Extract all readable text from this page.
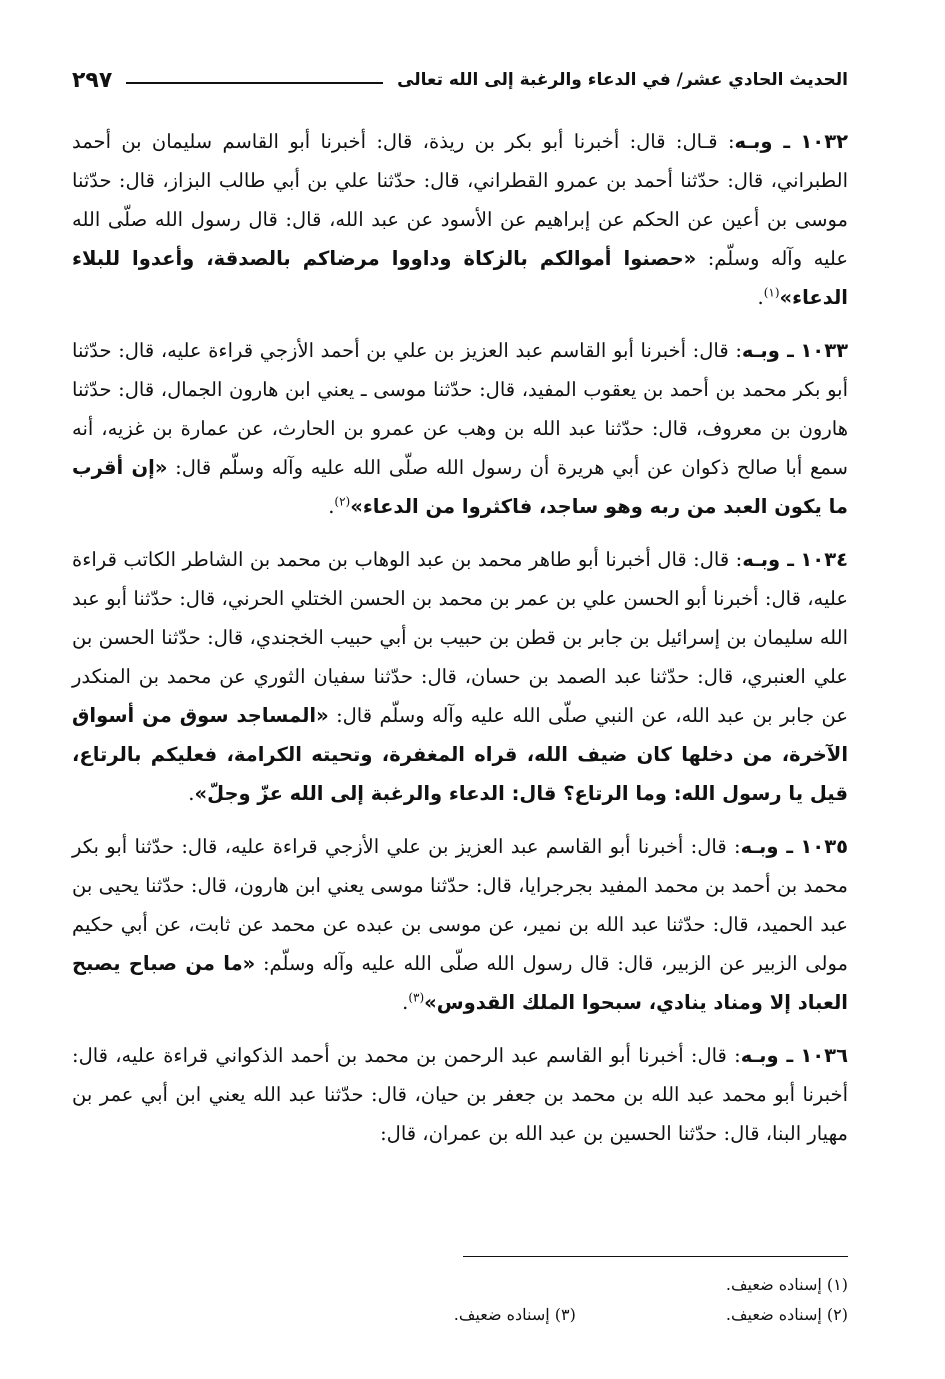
الحديث الحادي عشر/ في الدعاء والرغبة إلى الله تعالى
٢٩٧

١٠٣٢ ـ وبـه: قـال: قال: أخبرنا أبو بكر بن ريذة، قال: أخبرنا أبو القاسم سليمان بن أحمد الطبراني، قال: حدّثنا أحمد بن عمرو القطراني، قال: حدّثنا علي بن أبي طالب البزاز، قال: حدّثنا موسى بن أعين عن الحكم عن إبراهيم عن الأسود عن عبد الله، قال: قال رسول الله صلّى الله عليه وآله وسلّم: «حصنوا أموالكم بالزكاة وداووا مرضاكم بالصدقة، وأعدوا للبلاء الدعاء»$^{(١)}$.

١٠٣٣ ـ وبـه: قال: أخبرنا أبو القاسم عبد العزيز بن علي بن أحمد الأزجي قراءة عليه، قال: حدّثنا أبو بكر محمد بن أحمد بن يعقوب المفيد، قال: حدّثنا موسى ـ يعني ابن هارون الجمال، قال: حدّثنا هارون بن معروف، قال: حدّثنا عبد الله بن وهب عن عمرو بن الحارث، عن عمارة بن غزيه، أنه سمع أبا صالح ذكوان عن أبي هريرة أن رسول الله صلّى الله عليه وآله وسلّم قال: «إن أقرب ما يكون العبد من ربه وهو ساجد، فاكثروا من الدعاء»$^{(٢)}$.

١٠٣٤ ـ وبـه: قال: قال أخبرنا أبو طاهر محمد بن عبد الوهاب بن محمد بن الشاطر الكاتب قراءة عليه، قال: أخبرنا أبو الحسن علي بن عمر بن محمد بن الحسن الختلي الحرني، قال: حدّثنا أبو عبد الله سليمان بن إسرائيل بن جابر بن قطن بن حبيب بن أبي حبيب الخجندي، قال: حدّثنا الحسن بن علي العنبري، قال: حدّثنا عبد الصمد بن حسان، قال: حدّثنا سفيان الثوري عن محمد بن المنكدر عن جابر بن عبد الله، عن النبي صلّى الله عليه وآله وسلّم قال: «المساجد سوق من أسواق الآخرة، من دخلها كان ضيف الله، قراه المغفرة، وتحيته الكرامة، فعليكم بالرتاع، قيل يا رسول الله: وما الرتاع؟ قال: الدعاء والرغبة إلى الله عزّ وجلّ».

١٠٣٥ ـ وبـه: قال: أخبرنا أبو القاسم عبد العزيز بن علي الأزجي قراءة عليه، قال: حدّثنا أبو بكر محمد بن أحمد بن محمد المفيد بجرجرايا، قال: حدّثنا موسى يعني ابن هارون، قال: حدّثنا يحيى بن عبد الحميد، قال: حدّثنا عبد الله بن نمير، عن موسى بن عبده عن محمد عن ثابت، عن أبي حكيم مولى الزبير عن الزبير، قال: قال رسول الله صلّى الله عليه وآله وسلّم: «ما من صباح يصبح العباد إلا ومناد ينادي، سبحوا الملك القدوس»$^{(٣)}$.

١٠٣٦ ـ وبـه: قال: أخبرنا أبو القاسم عبد الرحمن بن محمد بن أحمد الذكواني قراءة عليه، قال: أخبرنا أبو محمد عبد الله بن محمد بن جعفر بن حيان، قال: حدّثنا عبد الله يعني ابن أبي عمر بن مهيار البنا، قال: حدّثنا الحسين بن عبد الله بن عمران، قال:

(١) إسناده ضعيف.
(٢) إسناده ضعيف.
(٣) إسناده ضعيف.
